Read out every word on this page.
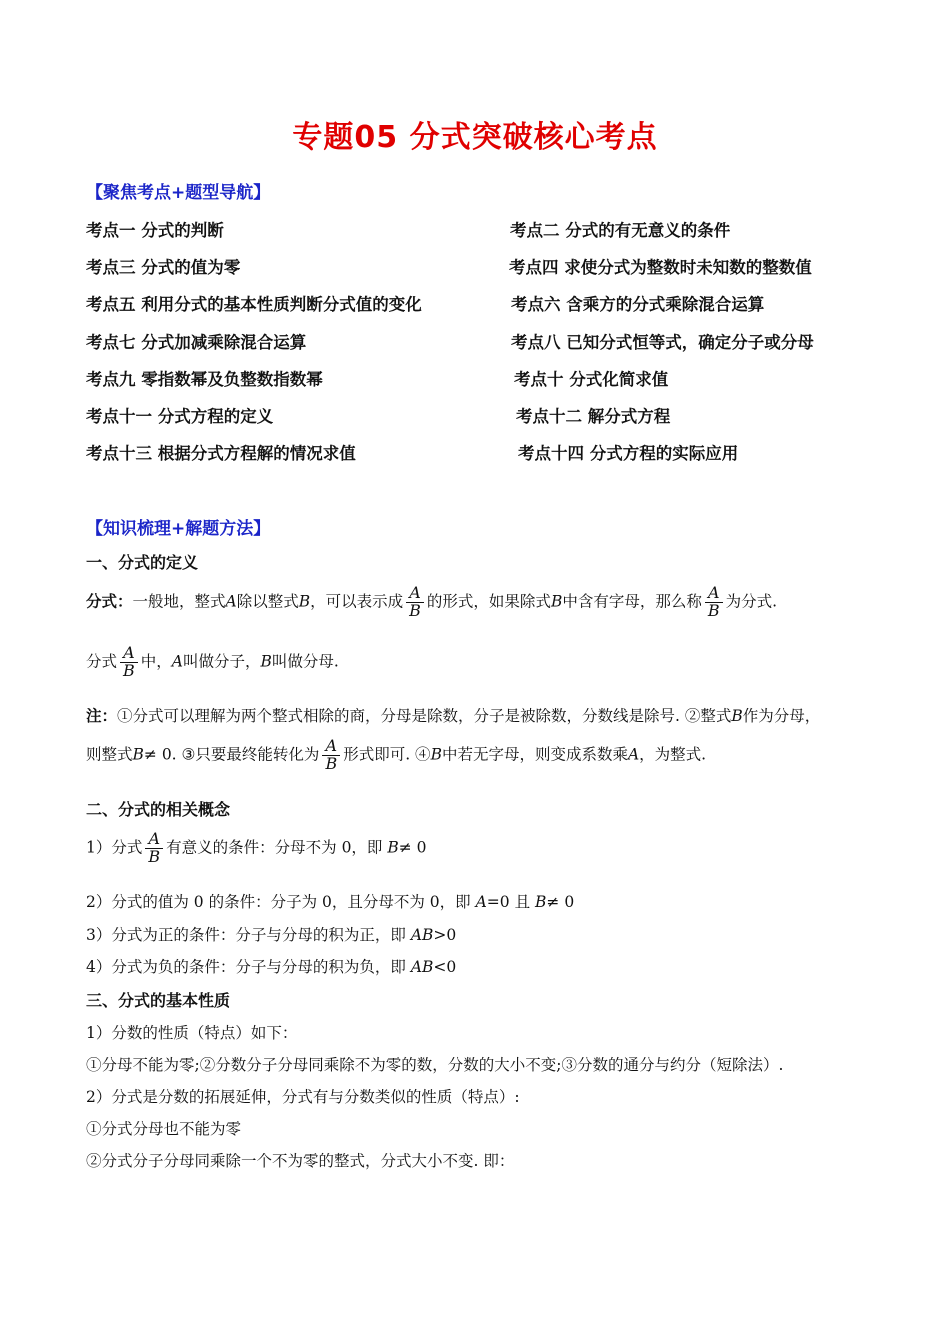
专题05 分式突破核心考点
【聚焦考点+题型导航】
考点一 分式的判断	考点二 分式的有无意义的条件
考点三 分式的值为零	考点四 求使分式为整数时未知数的整数值
考点五 利用分式的基本性质判断分式值的变化	考点六 含乘方的分式乘除混合运算
考点七 分式加减乘除混合运算	考点八 已知分式恒等式，确定分子或分母
考点九 零指数幂及负整数指数幂	考点十 分式化简求值
考点十一 分式方程的定义	考点十二 解分式方程
考点十三 根据分式方程解的情况求值	考点十四 分式方程的实际应用
【知识梳理+解题方法】
一、分式的定义
分式：一般地，整式A除以整式B，可以表示成 $\frac{A}{B}$ 的形式，如果除式B中含有字母，那么称 $\frac{A}{B}$ 为分式.
分式 $\frac{A}{B}$ 中，A叫做分子，B叫做分母.
注：①分式可以理解为两个整式相除的商，分母是除数，分子是被除数，分数线是除号. ②整式B作为分母，
则整式B≠ 0. ③只要最终能转化为 $\frac{A}{B}$ 形式即可. ④B中若无字母，则变成系数乘A，为整式.
二、分式的相关概念
1）分式 $\frac{A}{B}$ 有意义的条件：分母不为 0，即 B≠ 0
2）分式的值为 0 的条件：分子为 0，且分母不为 0，即 A=0 且 B≠ 0
3）分式为正的条件：分子与分母的积为正，即 AB>0
4）分式为负的条件：分子与分母的积为负，即 AB<0
三、分式的基本性质
1）分数的性质（特点）如下：
①分母不能为零;②分数分子分母同乘除不为零的数，分数的大小不变;③分数的通分与约分（短除法）.
2）分式是分数的拓展延伸，分式有与分数类似的性质（特点）:
①分式分母也不能为零
②分式分子分母同乘除一个不为零的整式，分式大小不变. 即：
